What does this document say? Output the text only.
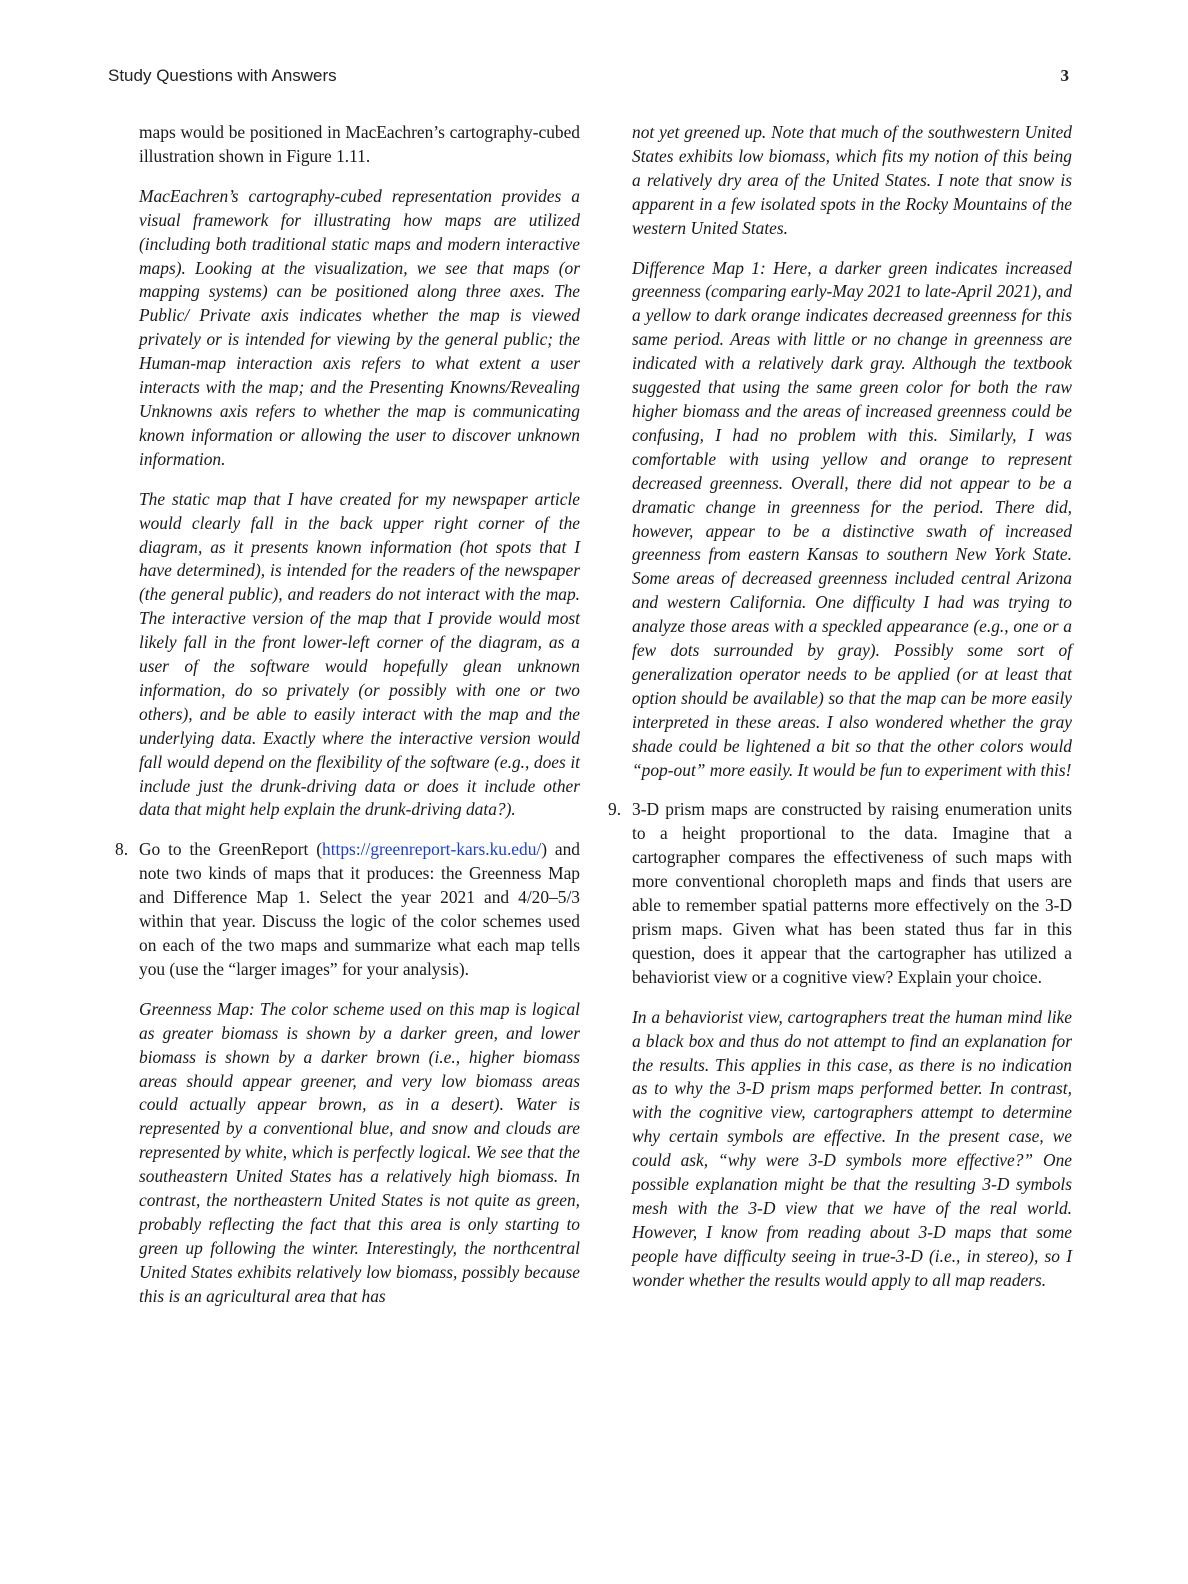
Study Questions with Answers	3

maps would be positioned in MacEachren’s cartography-cubed illustration shown in Figure 1.11.

MacEachren’s cartography-cubed representation provides a visual framework for illustrating how maps are utilized (including both traditional static maps and modern interactive maps). Looking at the visualization, we see that maps (or mapping systems) can be positioned along three axes. The Public/ Private axis indicates whether the map is viewed privately or is intended for viewing by the general public; the Human-map interaction axis refers to what extent a user interacts with the map; and the Presenting Knowns/Revealing Unknowns axis refers to whether the map is communicating known information or allowing the user to discover unknown information.

The static map that I have created for my newspaper article would clearly fall in the back upper right corner of the diagram, as it presents known information (hot spots that I have determined), is intended for the readers of the newspaper (the general public), and readers do not interact with the map. The interactive version of the map that I provide would most likely fall in the front lower-left corner of the diagram, as a user of the software would hopefully glean unknown information, do so privately (or possibly with one or two others), and be able to easily interact with the map and the underlying data. Exactly where the interactive version would fall would depend on the flexibility of the software (e.g., does it include just the drunk-driving data or does it include other data that might help explain the drunk-driving data?).

8. Go to the GreenReport (https://greenreport-kars.ku.edu/) and note two kinds of maps that it produces: the Greenness Map and Difference Map 1. Select the year 2021 and 4/20–5/3 within that year. Discuss the logic of the color schemes used on each of the two maps and summarize what each map tells you (use the “larger images” for your analysis).

Greenness Map: The color scheme used on this map is logical as greater biomass is shown by a darker green, and lower biomass is shown by a darker brown (i.e., higher biomass areas should appear greener, and very low biomass areas could actually appear brown, as in a desert). Water is represented by a conventional blue, and snow and clouds are represented by white, which is perfectly logical. We see that the southeastern United States has a relatively high biomass. In contrast, the northeastern United States is not quite as green, probably reflecting the fact that this area is only starting to green up following the winter. Interestingly, the northcentral United States exhibits relatively low biomass, possibly because this is an agricultural area that has

not yet greened up. Note that much of the southwestern United States exhibits low biomass, which fits my notion of this being a relatively dry area of the United States. I note that snow is apparent in a few isolated spots in the Rocky Mountains of the western United States.

Difference Map 1: Here, a darker green indicates increased greenness (comparing early-May 2021 to late-April 2021), and a yellow to dark orange indicates decreased greenness for this same period. Areas with little or no change in greenness are indicated with a relatively dark gray. Although the textbook suggested that using the same green color for both the raw higher biomass and the areas of increased greenness could be confusing, I had no problem with this. Similarly, I was comfortable with using yellow and orange to represent decreased greenness. Overall, there did not appear to be a dramatic change in greenness for the period. There did, however, appear to be a distinctive swath of increased greenness from eastern Kansas to southern New York State. Some areas of decreased greenness included central Arizona and western California. One difficulty I had was trying to analyze those areas with a speckled appearance (e.g., one or a few dots surrounded by gray). Possibly some sort of generalization operator needs to be applied (or at least that option should be available) so that the map can be more easily interpreted in these areas. I also wondered whether the gray shade could be lightened a bit so that the other colors would “pop-out” more easily. It would be fun to experiment with this!

9. 3-D prism maps are constructed by raising enumeration units to a height proportional to the data. Imagine that a cartographer compares the effectiveness of such maps with more conventional choropleth maps and finds that users are able to remember spatial patterns more effectively on the 3-D prism maps. Given what has been stated thus far in this question, does it appear that the cartographer has utilized a behaviorist view or a cognitive view? Explain your choice.

In a behaviorist view, cartographers treat the human mind like a black box and thus do not attempt to find an explanation for the results. This applies in this case, as there is no indication as to why the 3-D prism maps performed better. In contrast, with the cognitive view, cartographers attempt to determine why certain symbols are effective. In the present case, we could ask, “why were 3-D symbols more effective?” One possible explanation might be that the resulting 3-D symbols mesh with the 3-D view that we have of the real world. However, I know from reading about 3-D maps that some people have difficulty seeing in true-3-D (i.e., in stereo), so I wonder whether the results would apply to all map readers.
